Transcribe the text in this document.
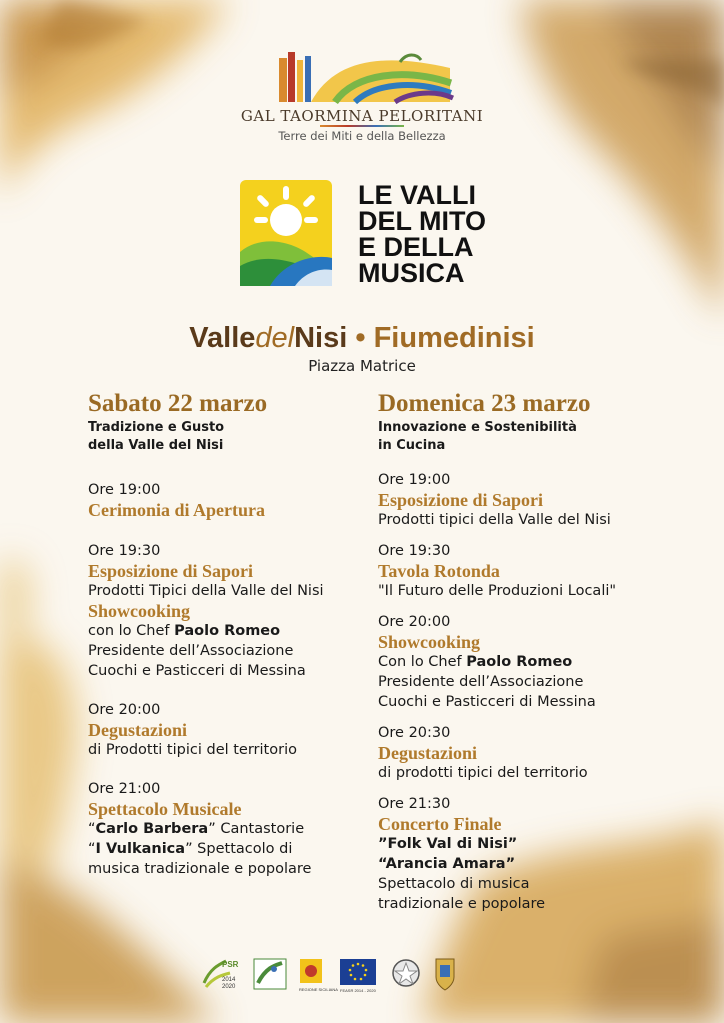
GAL TAORMINA PELORITANI
Terre dei Miti e della Bellezza
LE VALLI
DEL MITO
E DELLA
MUSICA
ValledelNisi • Fiumedinisi
Piazza Matrice
Sabato 22 marzo
Tradizione e Gusto
della Valle del Nisi
Ore 19:00
Cerimonia di Apertura
Ore 19:30
Esposizione di Sapori
Prodotti Tipici della Valle del Nisi
Showcooking
con lo Chef Paolo Romeo
Presidente dell’Associazione
Cuochi e Pasticceri di Messina
Ore 20:00
Degustazioni
di Prodotti tipici del territorio
Ore 21:00
Spettacolo Musicale
“Carlo Barbera” Cantastorie
“I Vulkanica” Spettacolo di
musica tradizionale e popolare
Domenica 23 marzo
Innovazione e Sostenibilità
in Cucina
Ore 19:00
Esposizione di Sapori
Prodotti tipici della Valle del Nisi
Ore 19:30
Tavola Rotonda
"Il Futuro delle Produzioni Locali"
Ore 20:00
Showcooking
Con lo Chef Paolo Romeo
Presidente dell’Associazione
Cuochi e Pasticceri di Messina
Ore 20:30
Degustazioni
di prodotti tipici del territorio
Ore 21:30
Concerto Finale
”Folk Val di Nisi”
“Arancia Amara”
Spettacolo di musica
tradizionale e popolare
PSR
2014
2020	REGIONE SICILIANA FEASR 2014 - 2020
